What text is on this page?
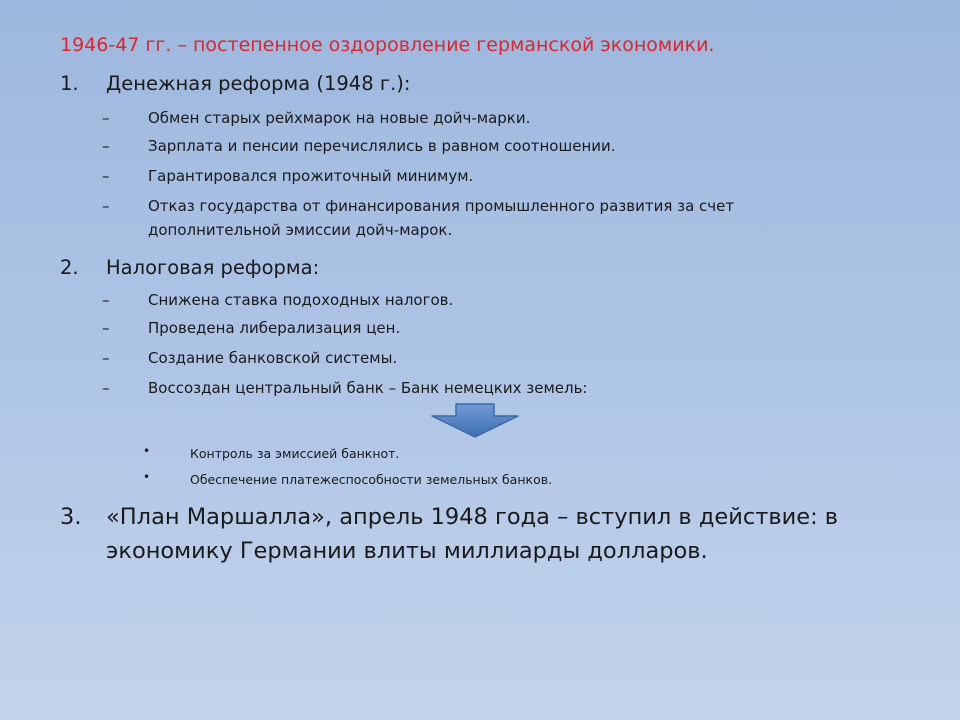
1946-47 гг. – постепенное оздоровление германской экономики.
1. Денежная реформа (1948 г.):
–	Обмен старых рейхмарок на новые дойч-марки.
–	Зарплата и пенсии перечислялись в равном соотношении.
–	Гарантировался прожиточный минимум.
–	Отказ государства от финансирования промышленного развития за счет
дополнительной эмиссии дойч-марок.
2. Налоговая реформа:
–	Снижена ставка подоходных налогов.
–	Проведена либерализация цен.
–	Создание банковской системы.
–	Воссоздан центральный банк – Банк немецких земель:
•	Контроль за эмиссией банкнот.
•	Обеспечение платежеспособности земельных банков.
3. «План Маршалла», апрель 1948 года – вступил в действие: в
экономику Германии влиты миллиарды долларов.
